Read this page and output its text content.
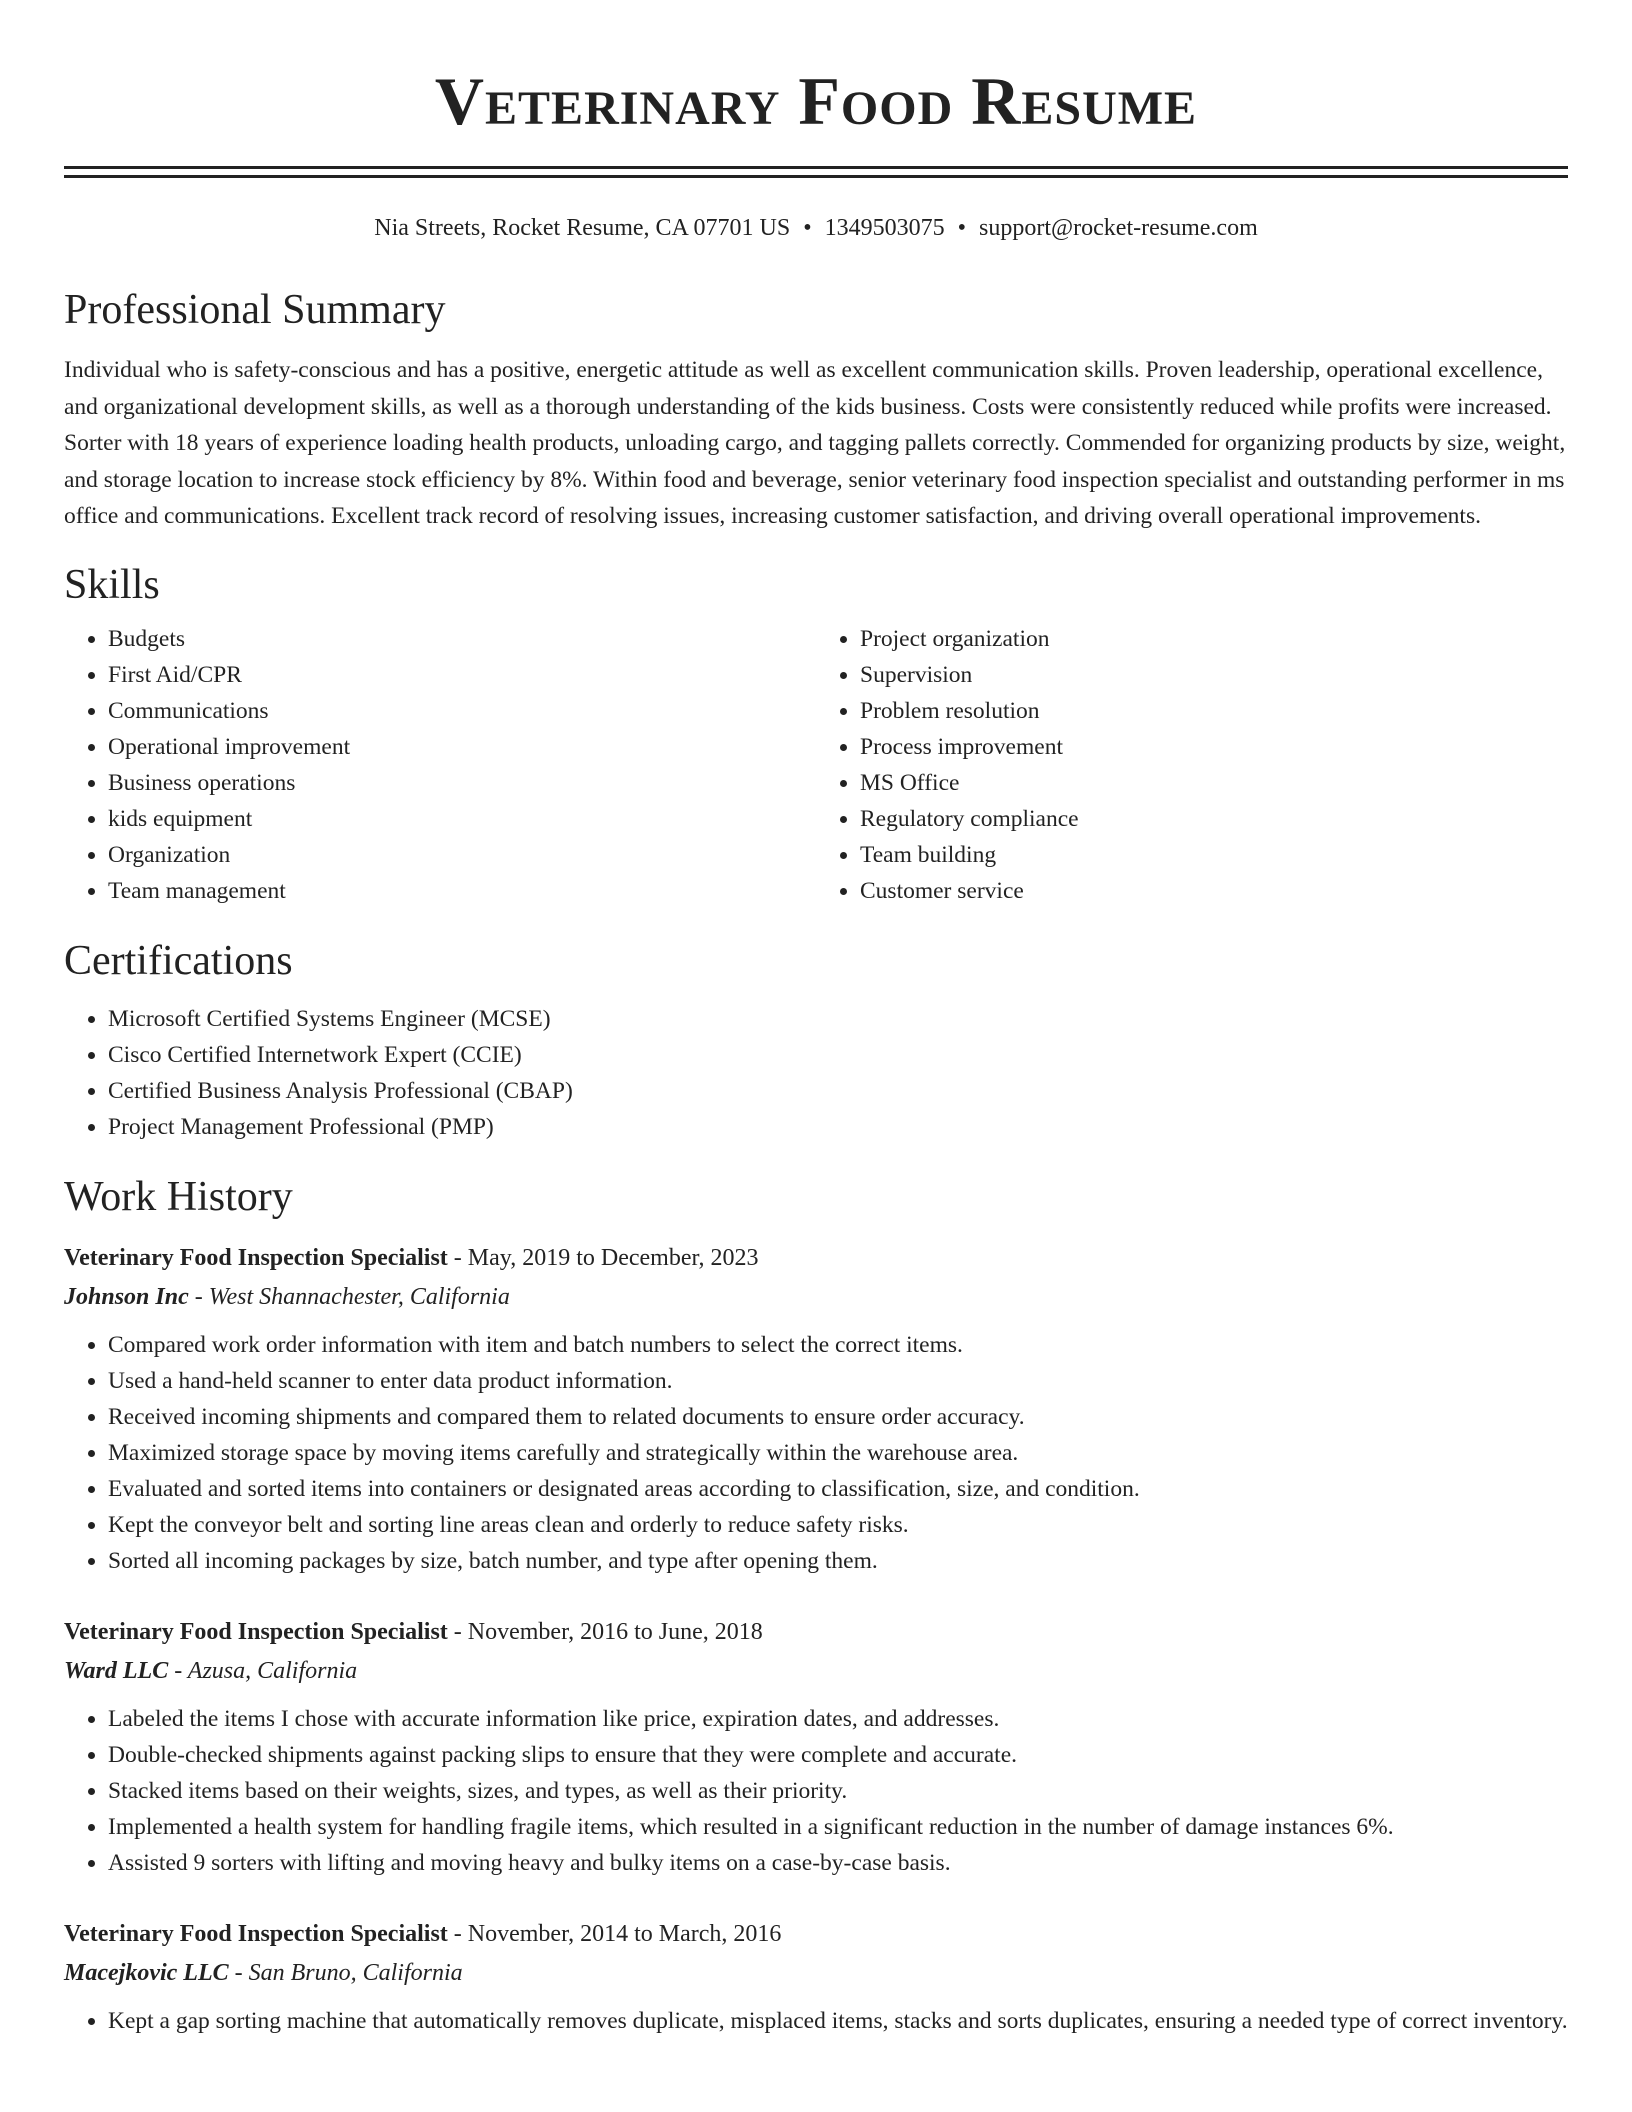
Veterinary Food Resume
Nia Streets, Rocket Resume, CA 07701 US • 1349503075 • support@rocket-resume.com
Professional Summary

Individual who is safety-conscious and has a positive, energetic attitude as well as excellent communication skills. Proven leadership, operational excellence, and organizational development skills, as well as a thorough understanding of the kids business. Costs were consistently reduced while profits were increased. Sorter with 18 years of experience loading health products, unloading cargo, and tagging pallets correctly. Commended for organizing products by size, weight, and storage location to increase stock efficiency by 8%. Within food and beverage, senior veterinary food inspection specialist and outstanding performer in ms office and communications. Excellent track record of resolving issues, increasing customer satisfaction, and driving overall operational improvements.

Skills
• Budgets
• First Aid/CPR
• Communications
• Operational improvement
• Business operations
• kids equipment
• Organization
• Team management
• Project organization
• Supervision
• Problem resolution
• Process improvement
• MS Office
• Regulatory compliance
• Team building
• Customer service
Certifications
• Microsoft Certified Systems Engineer (MCSE)
• Cisco Certified Internetwork Expert (CCIE)
• Certified Business Analysis Professional (CBAP)
• Project Management Professional (PMP)
Work History
Veterinary Food Inspection Specialist - May, 2019 to December, 2023
Johnson Inc - West Shannachester, California
• Compared work order information with item and batch numbers to select the correct items.
• Used a hand-held scanner to enter data product information.
• Received incoming shipments and compared them to related documents to ensure order accuracy.
• Maximized storage space by moving items carefully and strategically within the warehouse area.
• Evaluated and sorted items into containers or designated areas according to classification, size, and condition.
• Kept the conveyor belt and sorting line areas clean and orderly to reduce safety risks.
• Sorted all incoming packages by size, batch number, and type after opening them.
Veterinary Food Inspection Specialist - November, 2016 to June, 2018
Ward LLC - Azusa, California
• Labeled the items I chose with accurate information like price, expiration dates, and addresses.
• Double-checked shipments against packing slips to ensure that they were complete and accurate.
• Stacked items based on their weights, sizes, and types, as well as their priority.
• Implemented a health system for handling fragile items, which resulted in a significant reduction in the number of damage instances 6%.
• Assisted 9 sorters with lifting and moving heavy and bulky items on a case-by-case basis.
Veterinary Food Inspection Specialist - November, 2014 to March, 2016
Macejkovic LLC - San Bruno, California
• Kept a gap sorting machine that automatically removes duplicate, misplaced items, stacks and sorts duplicates, ensuring a needed type of correct inventory.
